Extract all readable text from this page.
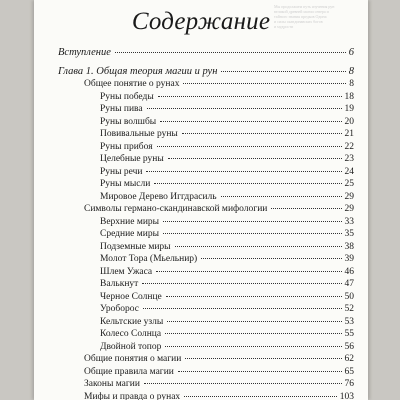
Мы продолжаем путь изучения рун
великой древней магии севера и
тайного знания предков Одина
и силы скандинавских богов
и мудрости
Содержание
Вступление	6
Глава 1. Общая теория магии и рун	8
Общее понятие о рунах	8
Руны победы	18
Руны пива	19
Руны волшбы	20
Повивальные руны	21
Руны прибоя	22
Целебные руны	23
Руны речи	24
Руны мысли	25
Мировое Дерево Иггдрасиль	29
Символы германо-скандинавской мифологии	29
Верхние миры	33
Средние миры	35
Подземные миры	38
Молот Тора (Мьельнир)	39
Шлем Ужаса	46
Валькнут	47
Черное Солнце	50
Уроборос	52
Кельтские узлы	53
Колесо Солнца	55
Двойной топор	56
Общие понятия о магии	62
Общие правила магии	65
Законы магии	76
Мифы и правда о рунах	103
